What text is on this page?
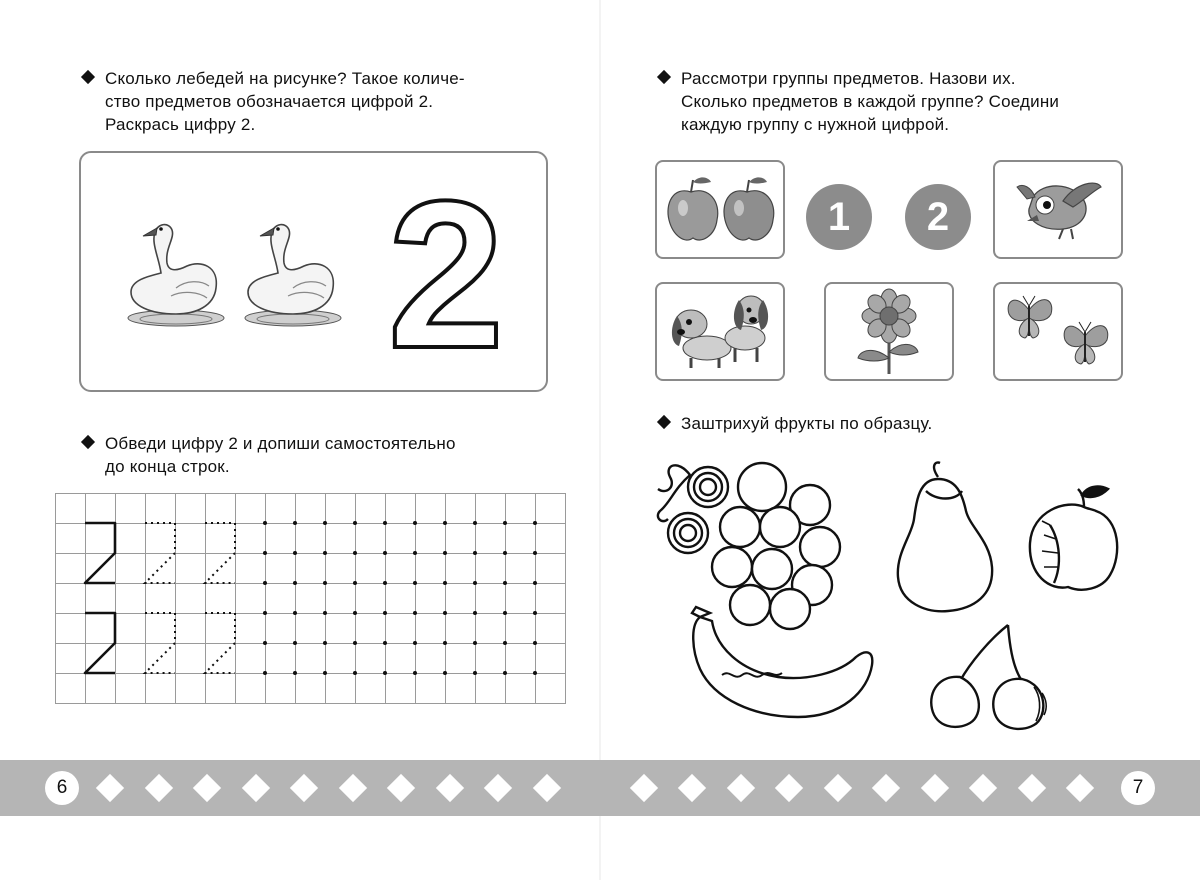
Сколько лебедей на рисунке? Такое количе-
ство предметов обозначается цифрой 2.
Раскрась цифру 2.

2

Обведи цифру 2 и допиши самостоятельно
до конца строк.

Рассмотри группы предметов. Назови их.
Сколько предметов в каждой группе? Соедини
каждую группу с нужной цифрой.

1	2

Заштрихуй фрукты по образцу.

6	7
